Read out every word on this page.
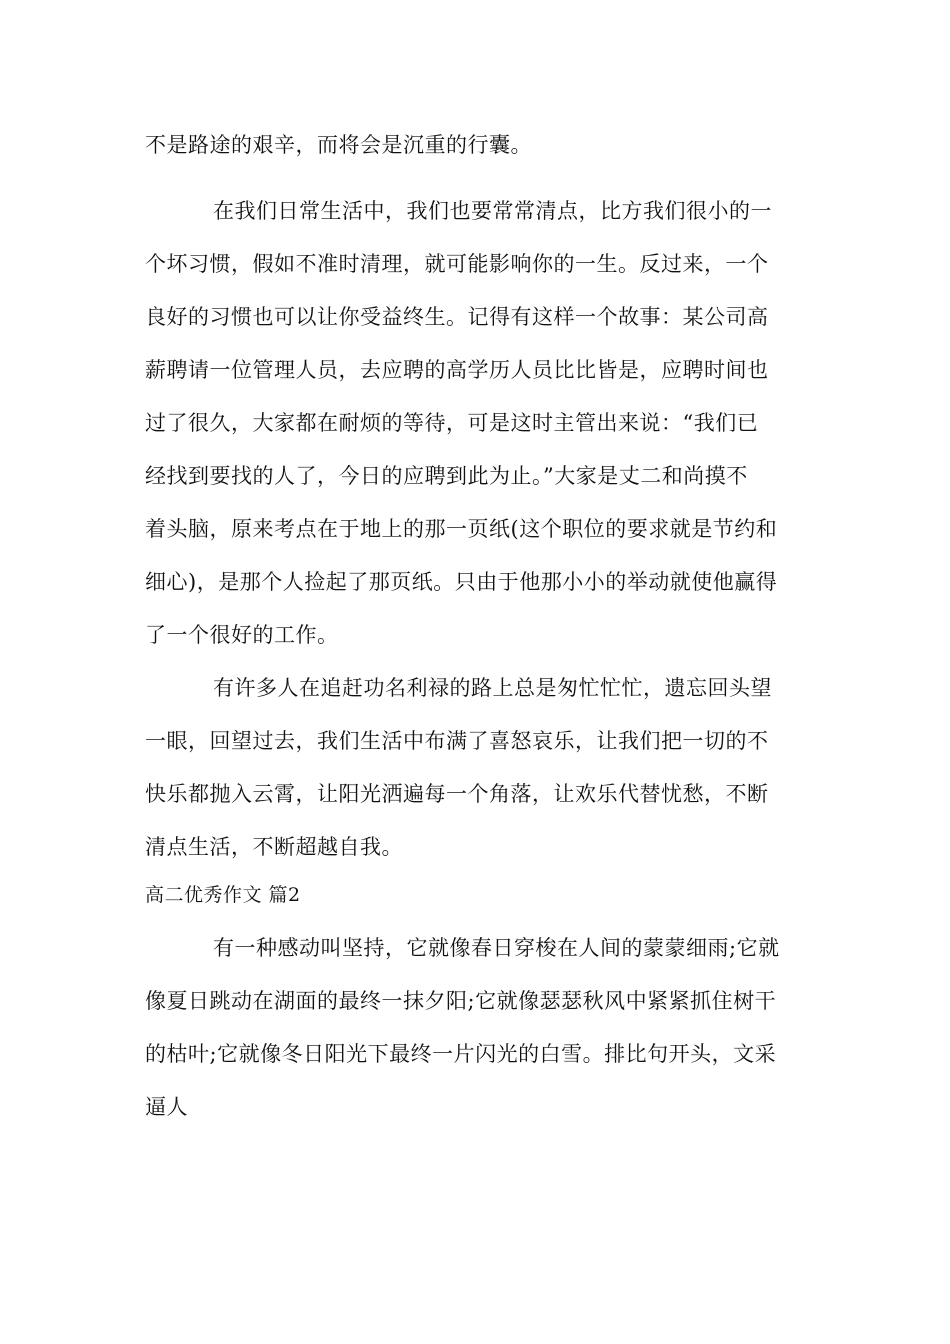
不是路途的艰辛，而将会是沉重的行囊。
在我们日常生活中，我们也要常常清点，比方我们很小的一
个坏习惯，假如不准时清理，就可能影响你的一生。反过来，一个
良好的习惯也可以让你受益终生。记得有这样一个故事：某公司高
薪聘请一位管理人员，去应聘的高学历人员比比皆是，应聘时间也
过了很久，大家都在耐烦的等待，可是这时主管出来说：“我们已
经找到要找的人了，今日的应聘到此为止。”大家是丈二和尚摸不
着头脑，原来考点在于地上的那一页纸(这个职位的要求就是节约和
细心)，是那个人捡起了那页纸。只由于他那小小的举动就使他赢得
了一个很好的工作。
有许多人在追赶功名利禄的路上总是匆忙忙忙，遗忘回头望
一眼，回望过去，我们生活中布满了喜怒哀乐，让我们把一切的不
快乐都抛入云霄，让阳光洒遍每一个角落，让欢乐代替忧愁，不断
清点生活，不断超越自我。
高二优秀作文 篇2
有一种感动叫坚持，它就像春日穿梭在人间的蒙蒙细雨;它就
像夏日跳动在湖面的最终一抹夕阳;它就像瑟瑟秋风中紧紧抓住树干
的枯叶;它就像冬日阳光下最终一片闪光的白雪。排比句开头，文采
逼人
